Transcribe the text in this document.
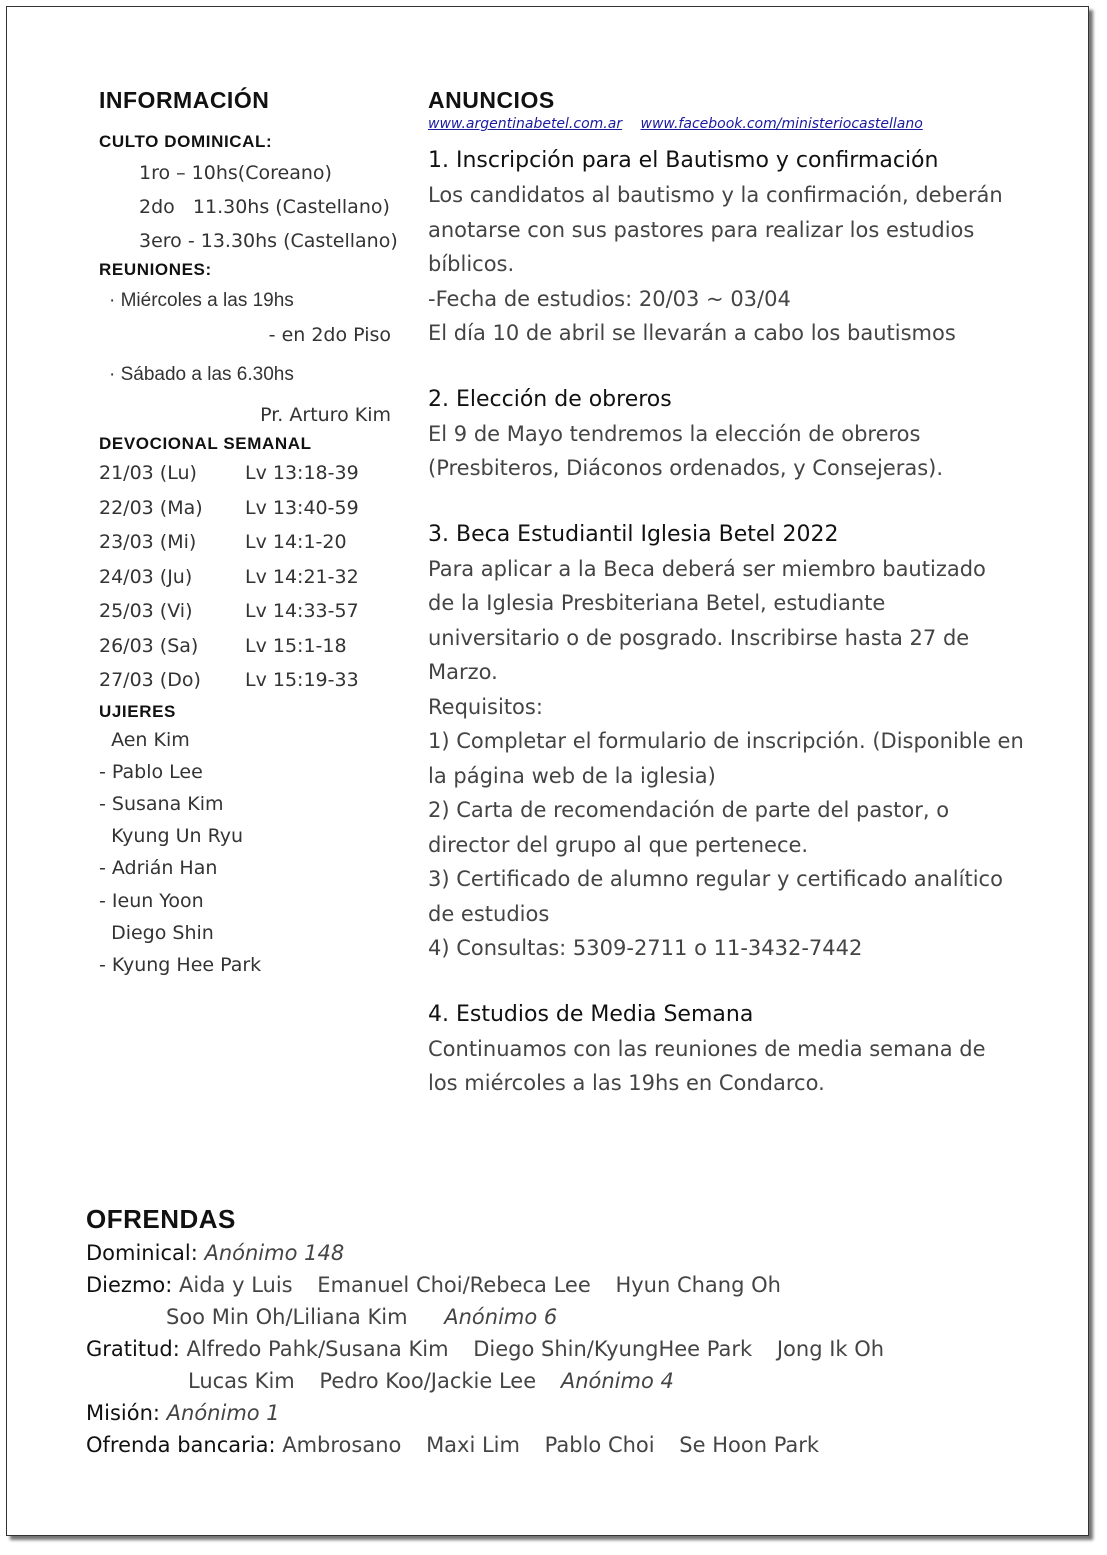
INFORMACIÓN
CULTO DOMINICAL:
1ro – 10hs(Coreano)
2do   11.30hs (Castellano)
3ero - 13.30hs (Castellano)
REUNIONES:
· Miércoles a las 19hs
- en 2do Piso
· Sábado a las 6.30hs
Pr. Arturo Kim
DEVOCIONAL SEMANAL
21/03 (Lu)	Lv 13:18-39
22/03 (Ma)	Lv 13:40-59
23/03 (Mi)	Lv 14:1-20
24/03 (Ju)	Lv 14:21-32
25/03 (Vi)	Lv 14:33-57
26/03 (Sa)	Lv 15:1-18
27/03 (Do)	Lv 15:19-33
UJIERES
Aen Kim
- Pablo Lee
- Susana Kim
Kyung Un Ryu
- Adrián Han
- Ieun Yoon
Diego Shin
- Kyung Hee Park
ANUNCIOS
www.argentinabetel.com.ar www.facebook.com/ministeriocastellano
1. Inscripción para el Bautismo y confirmación
Los candidatos al bautismo y la confirmación, deberán
anotarse con sus pastores para realizar los estudios
bíblicos.
-Fecha de estudios: 20/03 ~ 03/04
El día 10 de abril se llevarán a cabo los bautismos
2. Elección de obreros
El 9 de Mayo tendremos la elección de obreros
(Presbiteros, Diáconos ordenados, y Consejeras).
3. Beca Estudiantil Iglesia Betel 2022
Para aplicar a la Beca deberá ser miembro bautizado
de la Iglesia Presbiteriana Betel, estudiante
universitario o de posgrado. Inscribirse hasta 27 de
Marzo.
Requisitos:
1) Completar el formulario de inscripción. (Disponible en
la página web de la iglesia)
2) Carta de recomendación de parte del pastor, o
director del grupo al que pertenece.
3) Certificado de alumno regular y certificado analítico
de estudios
4) Consultas: 5309-2711 o 11-3432-7442
4. Estudios de Media Semana
Continuamos con las reuniones de media semana de
los miércoles a las 19hs en Condarco.
OFRENDAS
Dominical: Anónimo 148
Diezmo: Aida y Luis Emanuel Choi/Rebeca Lee Hyun Chang Oh
Soo Min Oh/Liliana Kim Anónimo 6
Gratitud: Alfredo Pahk/Susana Kim Diego Shin/KyungHee Park Jong Ik Oh
Lucas Kim Pedro Koo/Jackie Lee Anónimo 4
Misión: Anónimo 1
Ofrenda bancaria: Ambrosano Maxi Lim Pablo Choi Se Hoon Park
